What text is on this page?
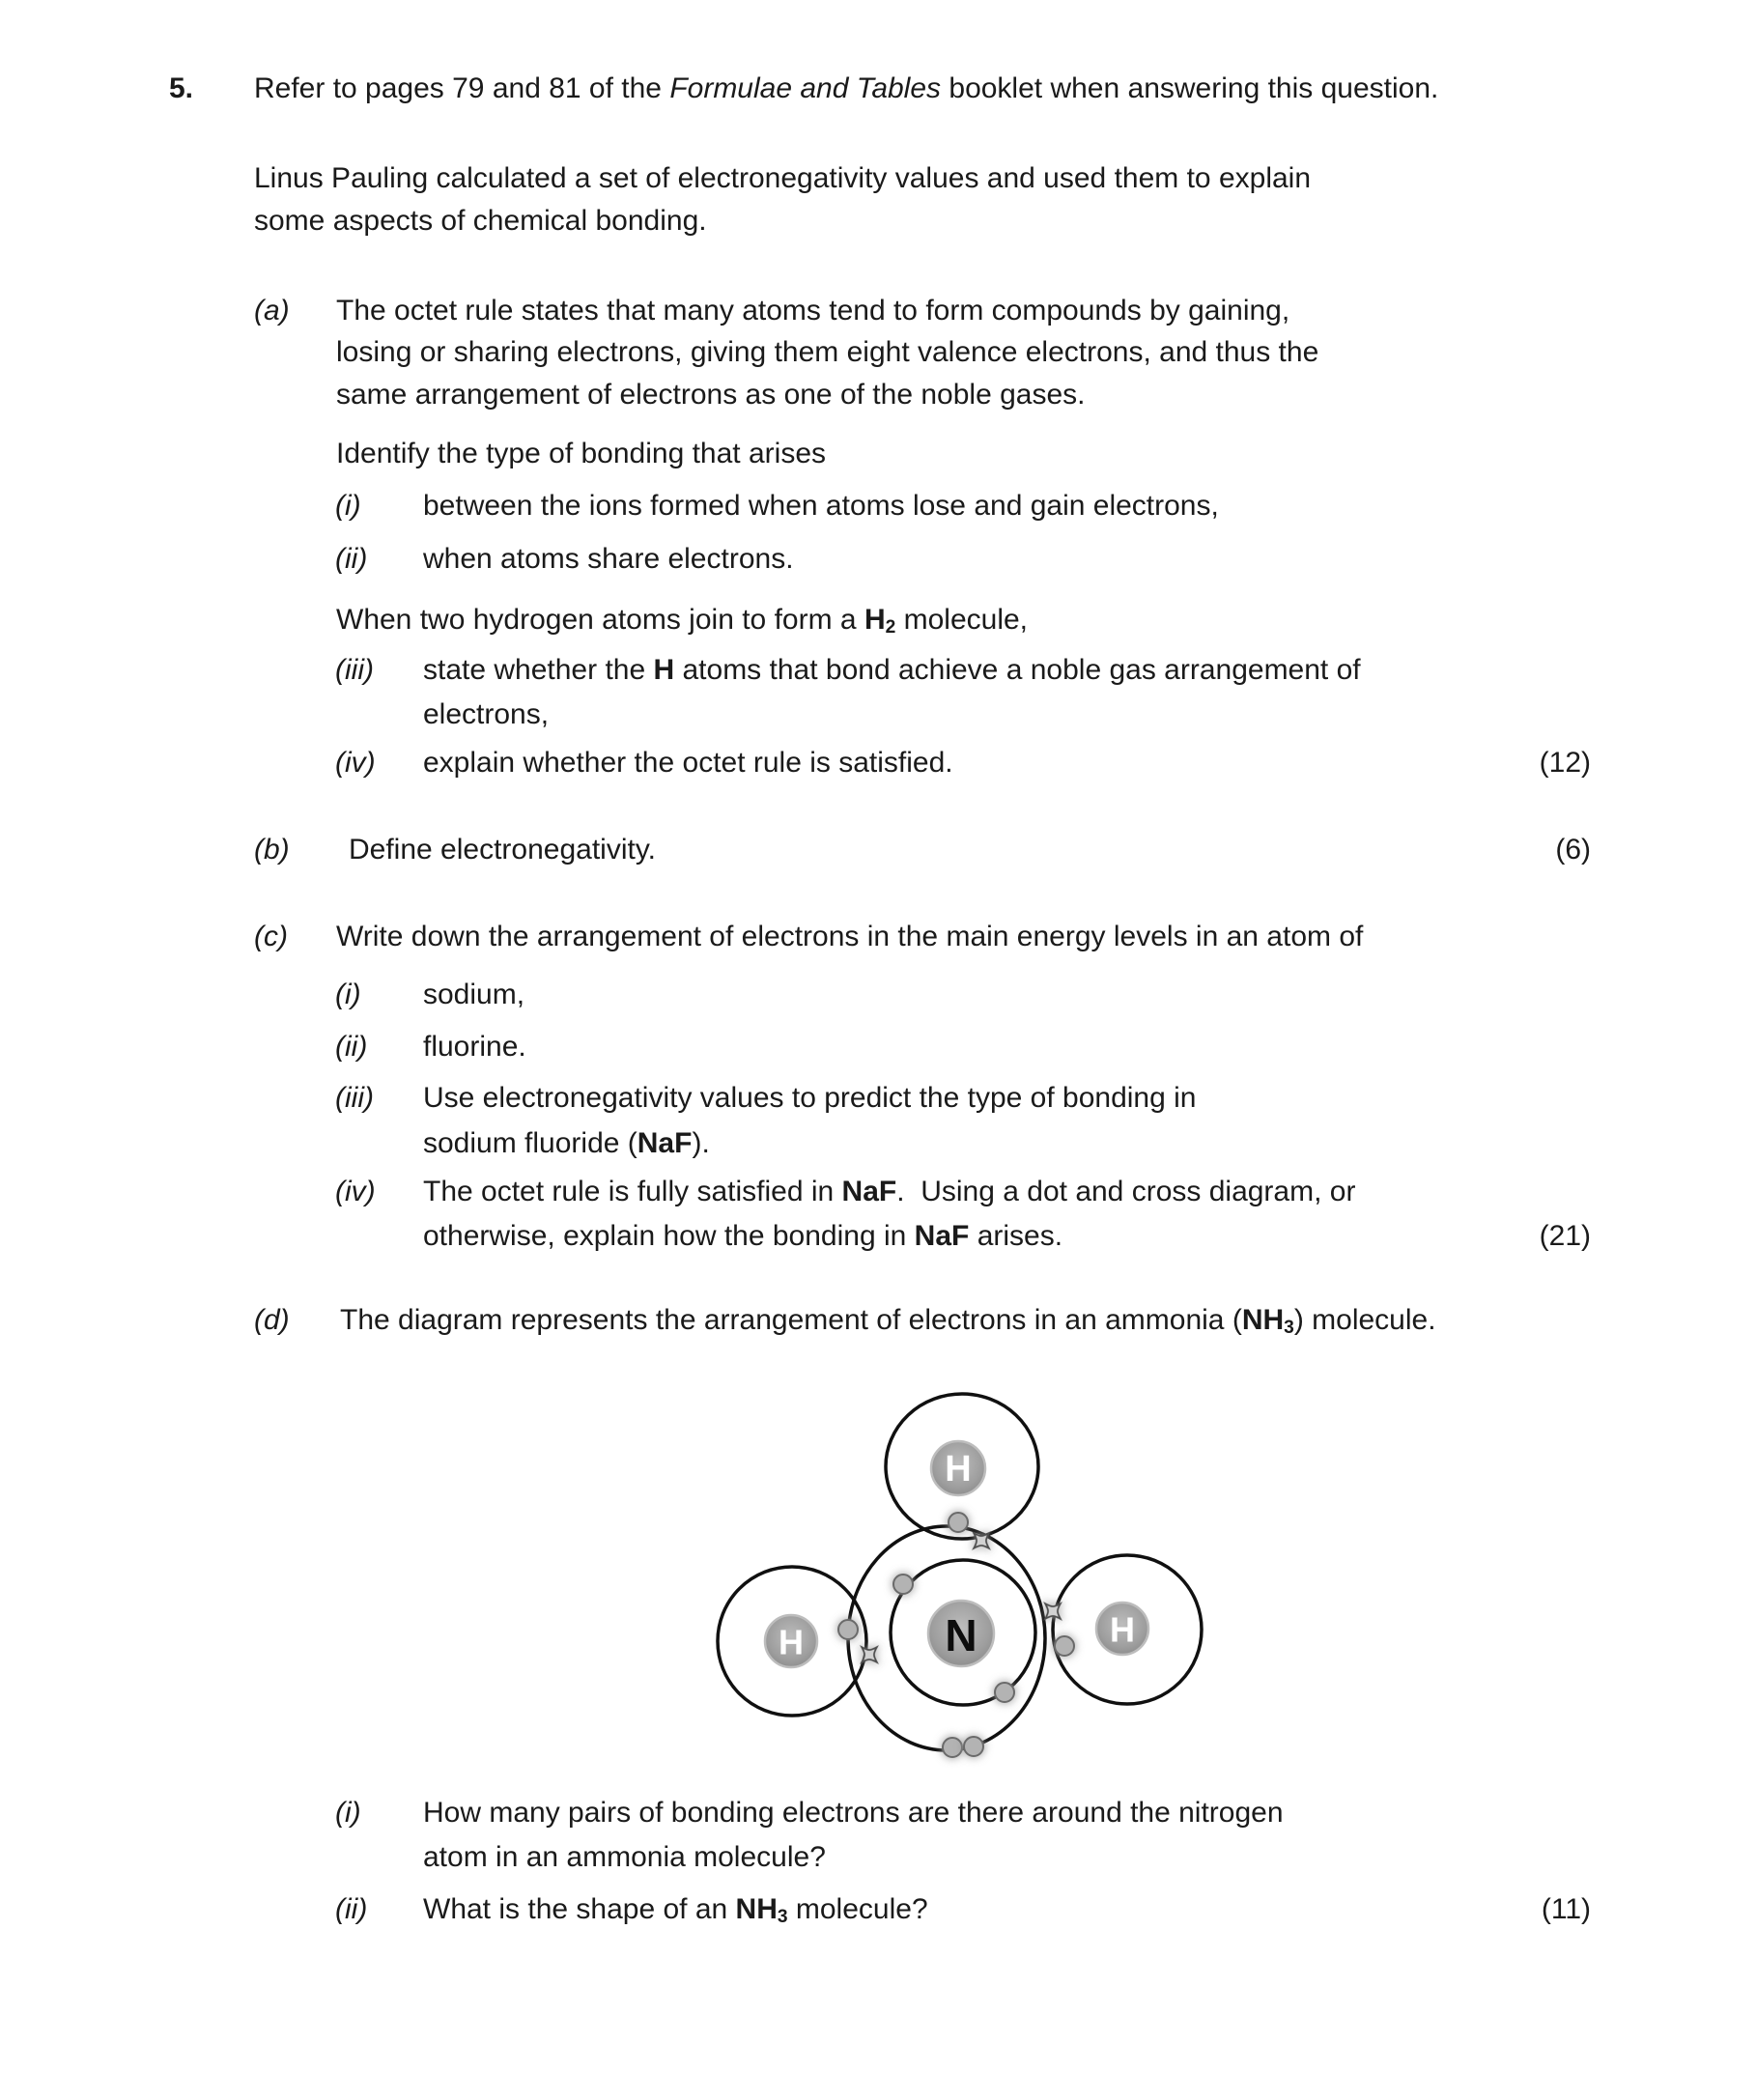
5. Refer to pages 79 and 81 of the Formulae and Tables booklet when answering this question.
Linus Pauling calculated a set of electronegativity values and used them to explain
some aspects of chemical bonding.
(a) The octet rule states that many atoms tend to form compounds by gaining,
losing or sharing electrons, giving them eight valence electrons, and thus the
same arrangement of electrons as one of the noble gases.
Identify the type of bonding that arises
(i) between the ions formed when atoms lose and gain electrons,
(ii) when atoms share electrons.
When two hydrogen atoms join to form a $H_2$ molecule,
(iii) state whether the H atoms that bond achieve a noble gas arrangement of
electrons,
(iv) explain whether the octet rule is satisfied.	(12)
(b) Define electronegativity.	(6)
(c) Write down the arrangement of electrons in the main energy levels in an atom of
(i) sodium,
(ii) fluorine.
(iii) Use electronegativity values to predict the type of bonding in
sodium fluoride (NaF).
(iv) The octet rule is fully satisfied in NaF.  Using a dot and cross diagram, or
otherwise, explain how the bonding in NaF arises.	(21)
(d) The diagram represents the arrangement of electrons in an ammonia $(NH_3)$ molecule.
H
H	H
N
(i) How many pairs of bonding electrons are there around the nitrogen
atom in an ammonia molecule?
(ii) What is the shape of an $NH_3$ molecule?	(11)
